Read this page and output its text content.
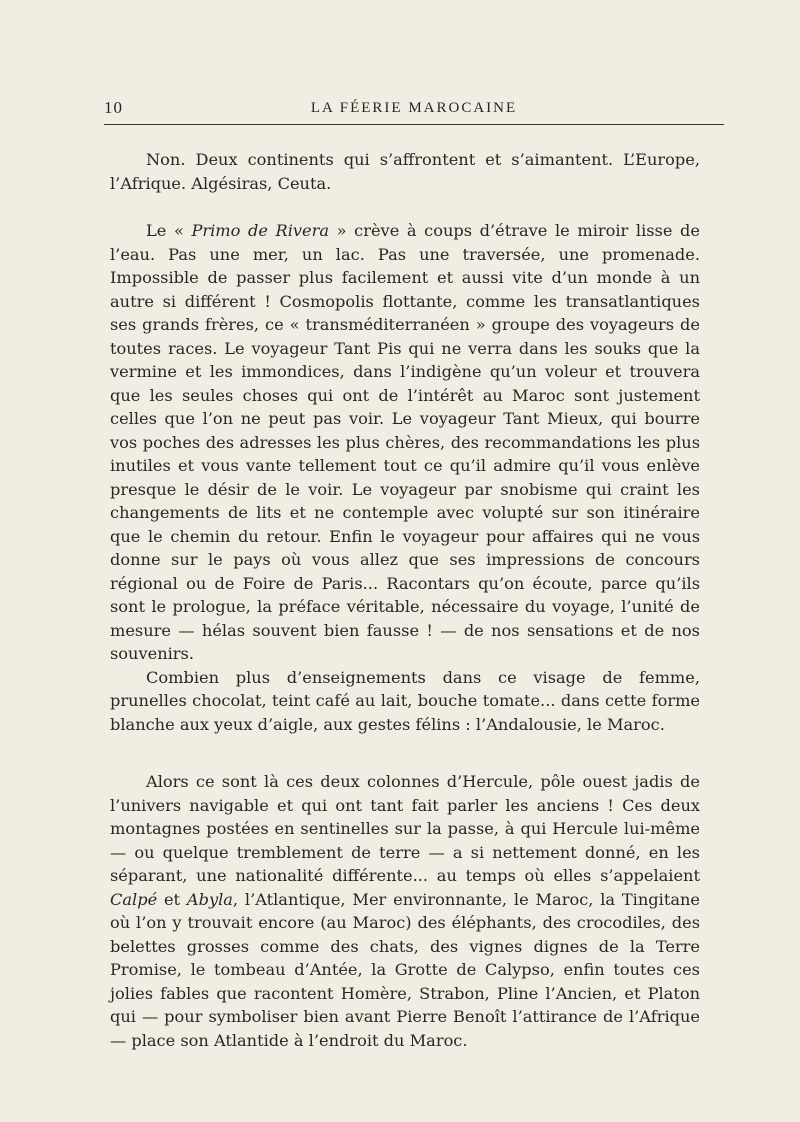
10	LA FÉERIE MAROCAINE

Non. Deux continents qui s’affrontent et s’aimantent. L’Europe, l’Afrique. Algésiras, Ceuta.

Le « Primo de Rivera » crève à coups d’étrave le miroir lisse de l’eau. Pas une mer, un lac. Pas une traversée, une promenade. Impossible de passer plus facilement et aussi vite d’un monde à un autre si différent ! Cosmopolis flottante, comme les transatlantiques ses grands frères, ce « transméditerranéen » groupe des voyageurs de toutes races. Le voyageur Tant Pis qui ne verra dans les souks que la vermine et les immondices, dans l’indigène qu’un voleur et trouvera que les seules choses qui ont de l’intérêt au Maroc sont justement celles que l’on ne peut pas voir. Le voyageur Tant Mieux, qui bourre vos poches des adresses les plus chères, des recommandations les plus inutiles et vous vante tellement tout ce qu’il admire qu’il vous enlève presque le désir de le voir. Le voyageur par snobisme qui craint les changements de lits et ne contemple avec volupté sur son itinéraire que le chemin du retour. Enfin le voyageur pour affaires qui ne vous donne sur le pays où vous allez que ses impressions de concours régional ou de Foire de Paris... Racontars qu’on écoute, parce qu’ils sont le prologue, la préface véritable, nécessaire du voyage, l’unité de mesure — hélas souvent bien fausse ! — de nos sensations et de nos souvenirs.

Combien plus d’enseignements dans ce visage de femme, prunelles chocolat, teint café au lait, bouche tomate... dans cette forme blanche aux yeux d’aigle, aux gestes félins : l’Andalousie, le Maroc.

Alors ce sont là ces deux colonnes d’Hercule, pôle ouest jadis de l’univers navigable et qui ont tant fait parler les anciens ! Ces deux montagnes postées en sentinelles sur la passe, à qui Hercule lui-même — ou quelque tremblement de terre — a si nettement donné, en les séparant, une nationalité différente... au temps où elles s’appelaient Calpé et Abyla, l’Atlantique, Mer environnante, le Maroc, la Tingitane où l’on y trouvait encore (au Maroc) des éléphants, des crocodiles, des belettes grosses comme des chats, des vignes dignes de la Terre Promise, le tombeau d’Antée, la Grotte de Calypso, enfin toutes ces jolies fables que racontent Homère, Strabon, Pline l’Ancien, et Platon qui — pour symboliser bien avant Pierre Benoît l’attirance de l’Afrique — place son Atlantide à l’endroit du Maroc.
